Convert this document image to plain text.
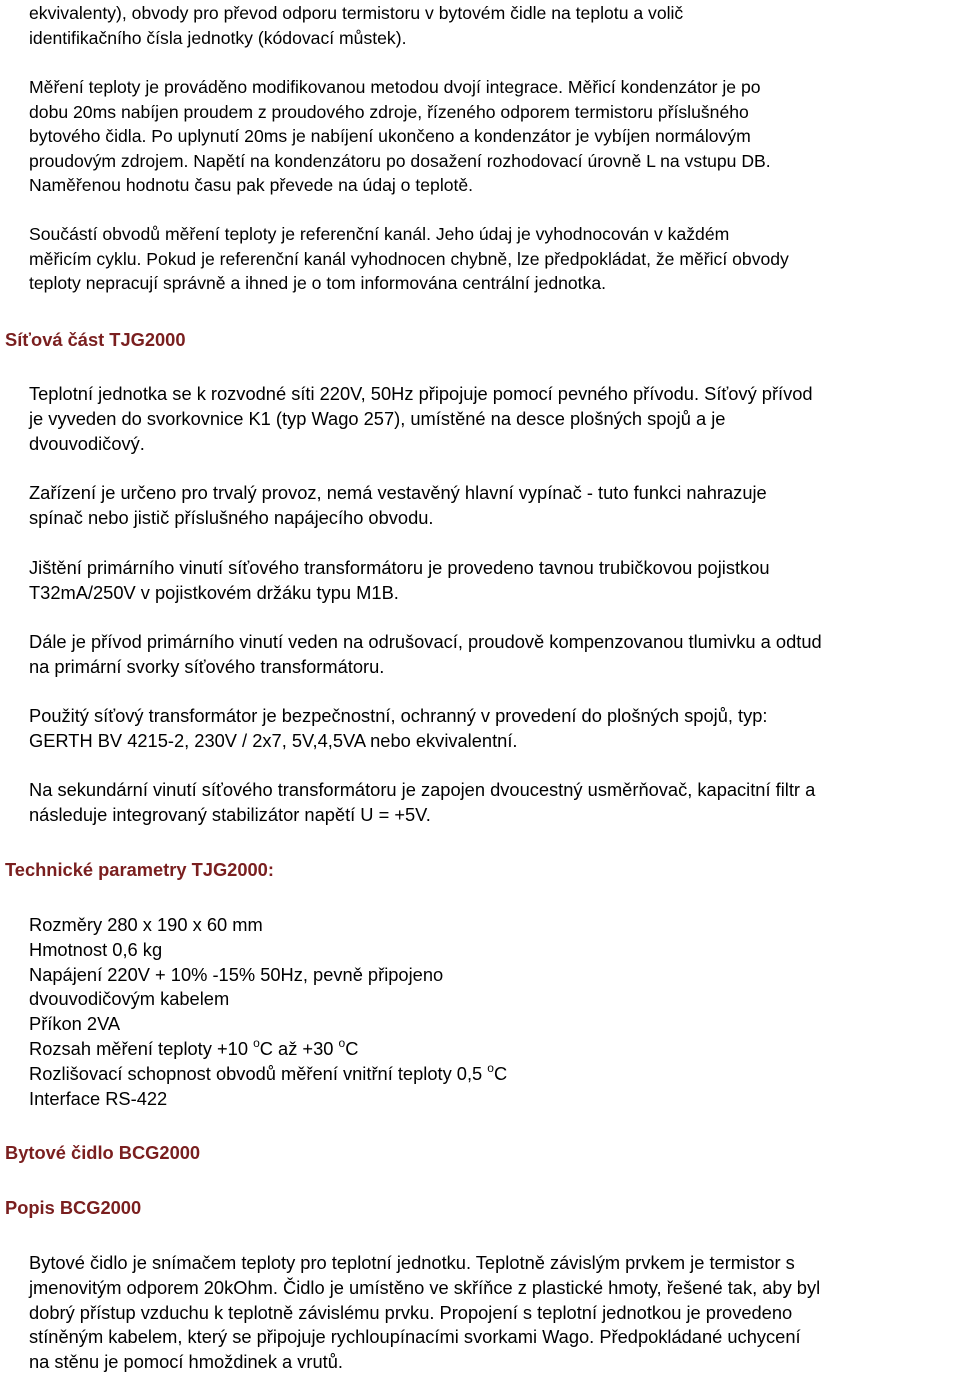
ekvivalenty), obvody pro převod odporu termistoru v bytovém čidle na teplotu a volič

identifikačního čísla jednotky (kódovací můstek).

Měření teploty je prováděno modifikovanou metodou dvojí integrace. Měřicí kondenzátor je po

dobu 20ms nabíjen proudem z proudového zdroje, řízeného odporem termistoru příslušného

bytového čidla. Po uplynutí 20ms je nabíjení ukončeno a kondenzátor je vybíjen normálovým

proudovým zdrojem. Napětí na kondenzátoru po dosažení rozhodovací úrovně L na vstupu DB.

Naměřenou hodnotu času pak převede na údaj o teplotě.

Součástí obvodů měření teploty je referenční kanál. Jeho údaj je vyhodnocován v každém

měřicím cyklu. Pokud je referenční kanál vyhodnocen chybně, lze předpokládat, že měřicí obvody

teploty nepracují správně a ihned je o tom informována centrální jednotka.

Síťová část TJG2000

Teplotní jednotka se k rozvodné síti 220V, 50Hz připojuje pomocí pevného přívodu. Síťový přívod

je vyveden do svorkovnice K1 (typ Wago 257), umístěné na desce plošných spojů a je

dvouvodičový.

Zařízení je určeno pro trvalý provoz, nemá vestavěný hlavní vypínač - tuto funkci nahrazuje

spínač nebo jistič příslušného napájecího obvodu.

Jištění primárního vinutí síťového transformátoru je provedeno tavnou trubičkovou pojistkou

T32mA/250V v pojistkovém držáku typu M1B.

Dále je přívod primárního vinutí veden na odrušovací, proudově kompenzovanou tlumivku a odtud

na primární svorky síťového transformátoru.

Použitý síťový transformátor je bezpečnostní, ochranný v provedení do plošných spojů, typ:

GERTH BV 4215-2, 230V / 2x7, 5V,4,5VA nebo ekvivalentní.

Na sekundární vinutí síťového transformátoru je zapojen dvoucestný usměrňovač, kapacitní filtr a

následuje integrovaný stabilizátor napětí U = +5V.

Technické parametry TJG2000:

Rozměry 280 x 190 x 60 mm

Hmotnost 0,6 kg

Napájení 220V + 10% -15% 50Hz, pevně připojeno

dvouvodičovým kabelem

Příkon 2VA

Rozsah měření teploty +10 $^o$C až +30 $^o$C

Rozlišovací schopnost obvodů měření vnitřní teploty 0,5 $^o$C

Interface RS-422

Bytové čidlo BCG2000
Popis BCG2000

Bytové čidlo je snímačem teploty pro teplotní jednotku. Teplotně závislým prvkem je termistor s

jmenovitým odporem 20kOhm. Čidlo je umístěno ve skříňce z plastické hmoty, řešené tak, aby byl

dobrý přístup vzduchu k teplotně závislému prvku. Propojení s teplotní jednotkou je provedeno

stíněným kabelem, který se připojuje rychloupínacími svorkami Wago. Předpokládané uchycení

na stěnu je pomocí hmoždinek a vrutů.
